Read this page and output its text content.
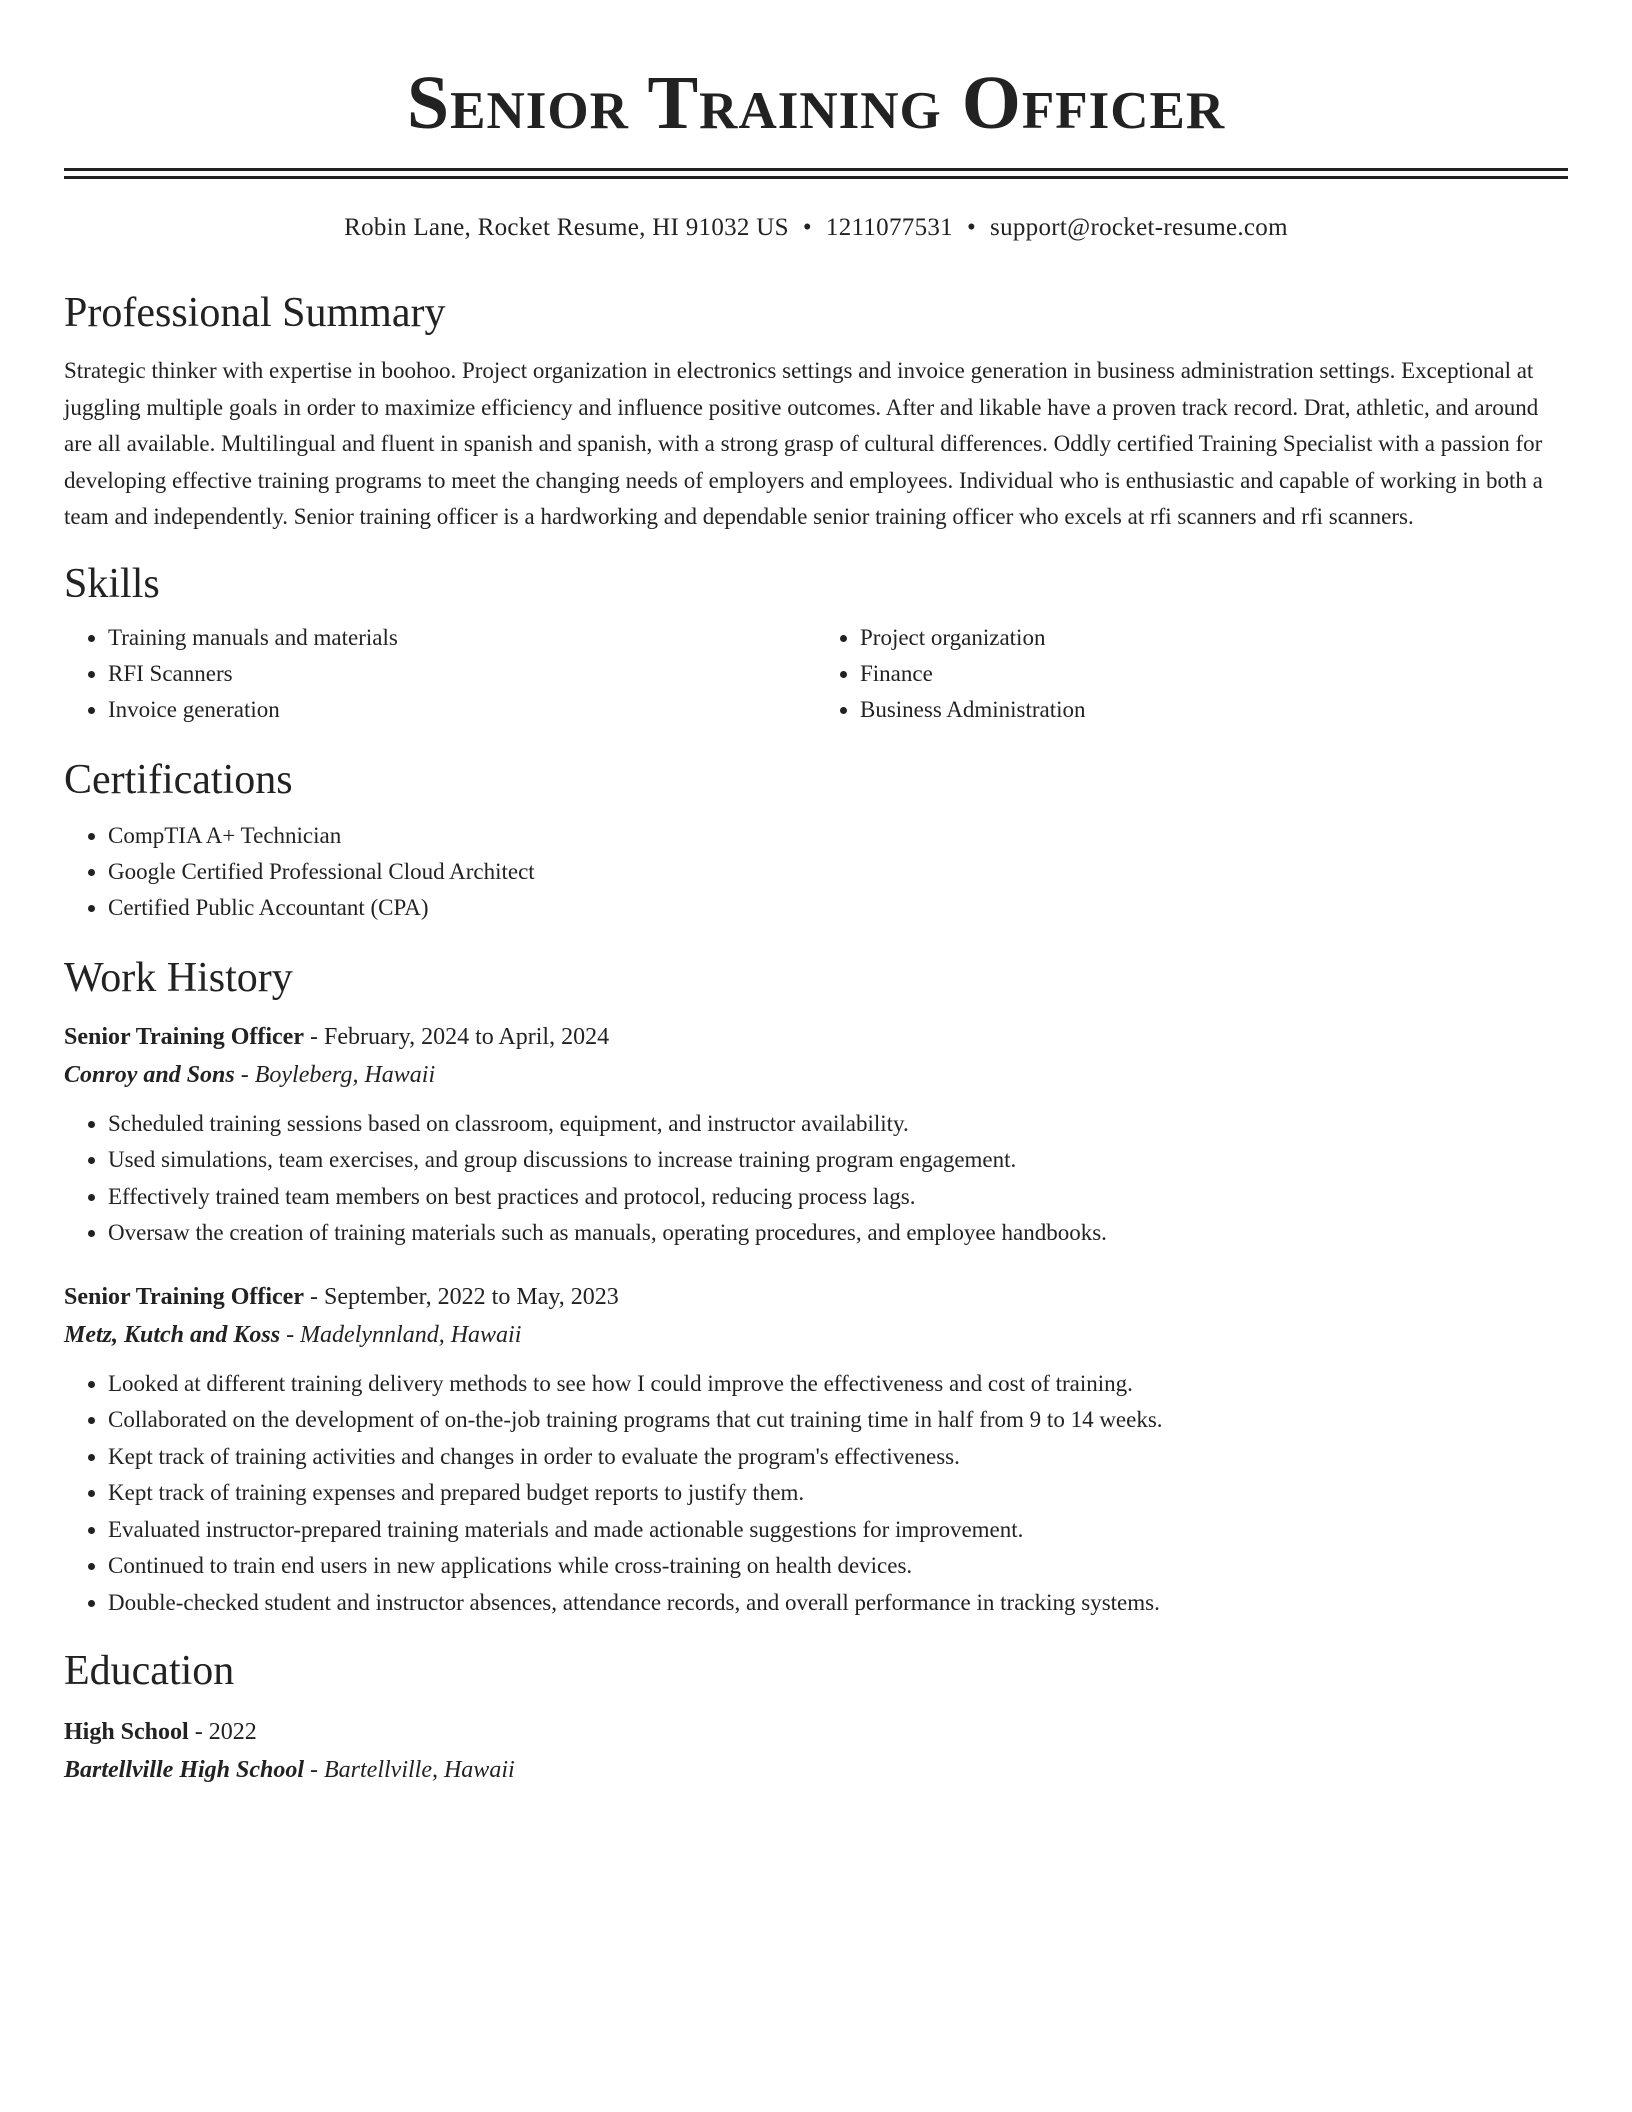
Senior Training Officer
Robin Lane, Rocket Resume, HI 91032 US • 1211077531 • support@rocket-resume.com
Professional Summary

Strategic thinker with expertise in boohoo. Project organization in electronics settings and invoice generation in business administration settings. Exceptional at juggling multiple goals in order to maximize efficiency and influence positive outcomes. After and likable have a proven track record. Drat, athletic, and around are all available. Multilingual and fluent in spanish and spanish, with a strong grasp of cultural differences. Oddly certified Training Specialist with a passion for developing effective training programs to meet the changing needs of employers and employees. Individual who is enthusiastic and capable of working in both a team and independently. Senior training officer is a hardworking and dependable senior training officer who excels at rfi scanners and rfi scanners.

Skills
• Training manuals and materials
• RFI Scanners
• Invoice generation
• Project organization
• Finance
• Business Administration
Certifications
• CompTIA A+ Technician
• Google Certified Professional Cloud Architect
• Certified Public Accountant (CPA)
Work History
Senior Training Officer - February, 2024 to April, 2024
Conroy and Sons - Boyleberg, Hawaii
• Scheduled training sessions based on classroom, equipment, and instructor availability.
• Used simulations, team exercises, and group discussions to increase training program engagement.
• Effectively trained team members on best practices and protocol, reducing process lags.
• Oversaw the creation of training materials such as manuals, operating procedures, and employee handbooks.
Senior Training Officer - September, 2022 to May, 2023
Metz, Kutch and Koss - Madelynnland, Hawaii
• Looked at different training delivery methods to see how I could improve the effectiveness and cost of training.
• Collaborated on the development of on-the-job training programs that cut training time in half from 9 to 14 weeks.
• Kept track of training activities and changes in order to evaluate the program's effectiveness.
• Kept track of training expenses and prepared budget reports to justify them.
• Evaluated instructor-prepared training materials and made actionable suggestions for improvement.
• Continued to train end users in new applications while cross-training on health devices.
• Double-checked student and instructor absences, attendance records, and overall performance in tracking systems.
Education
High School - 2022
Bartellville High School - Bartellville, Hawaii
